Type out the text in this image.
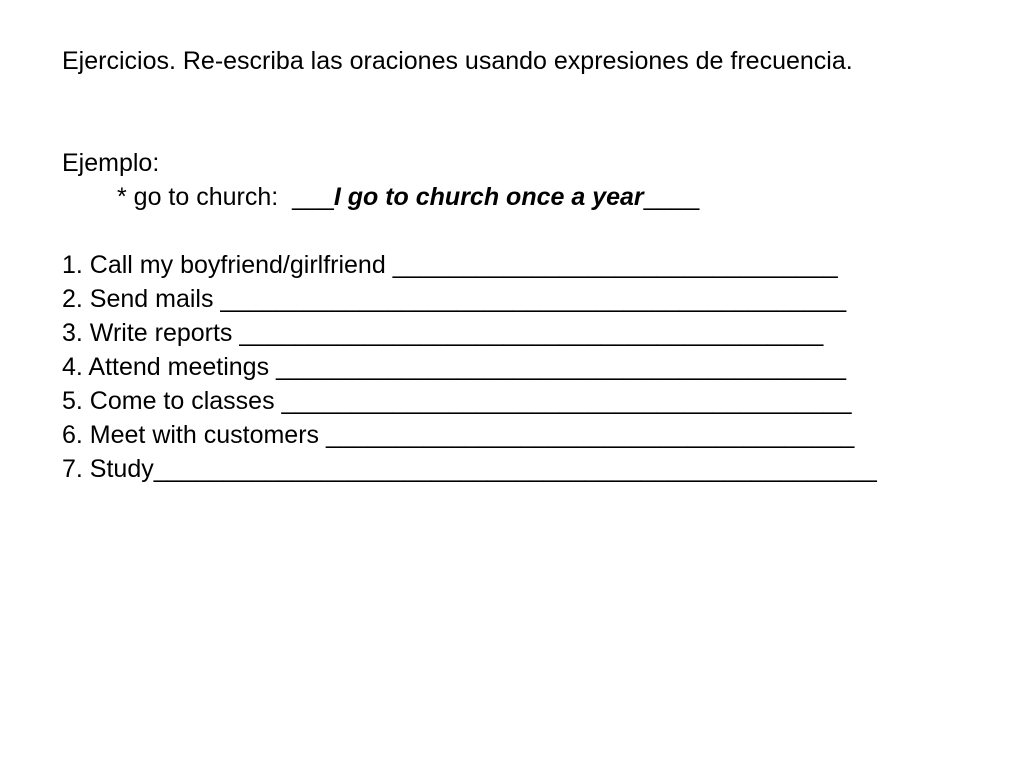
Ejercicios. Re-escriba las oraciones usando expresiones de frecuencia.
Ejemplo:
* go to church:  ___I go to church once a year____
1. Call my boyfriend/girlfriend ________________________________
2. Send mails _____________________________________________
3. Write reports __________________________________________
4. Attend meetings _________________________________________
5. Come to classes _________________________________________
6. Meet with customers ______________________________________
7. Study____________________________________________________
